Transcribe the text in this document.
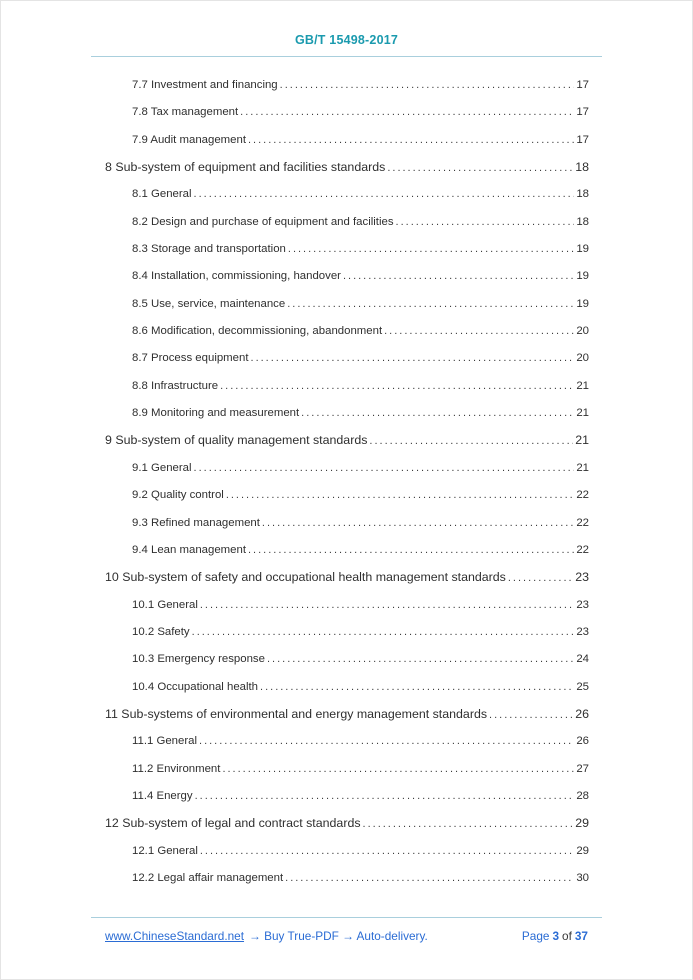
GB/T 15498-2017
7.7 Investment and financing .....	17
7.8 Tax management .....	17
7.9 Audit management .....	17
8 Sub-system of equipment and facilities standards .....	18
8.1 General .....	18
8.2 Design and purchase of equipment and facilities .....	18
8.3 Storage and transportation .....	19
8.4 Installation, commissioning, handover .....	19
8.5 Use, service, maintenance .....	19
8.6 Modification, decommissioning, abandonment .....	20
8.7 Process equipment .....	20
8.8 Infrastructure .....	21
8.9 Monitoring and measurement .....	21
9 Sub-system of quality management standards .....	21
9.1 General .....	21
9.2 Quality control .....	22
9.3 Refined management .....	22
9.4 Lean management .....	22
10 Sub-system of safety and occupational health management standards .....	23
10.1 General .....	23
10.2 Safety .....	23
10.3 Emergency response .....	24
10.4 Occupational health .....	25
11 Sub-systems of environmental and energy management standards .....	26
11.1 General .....	26
11.2 Environment .....	27
11.4 Energy .....	28
12 Sub-system of legal and contract standards .....	29
12.1 General .....	29
12.2 Legal affair management .....	30
www.ChineseStandard.net → Buy True-PDF → Auto-delivery.	Page 3 of 37
